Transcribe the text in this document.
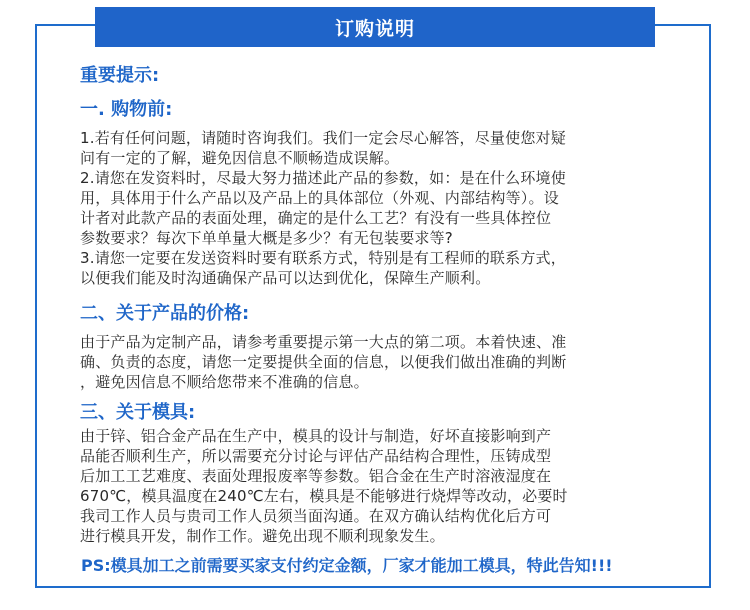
订购说明

重要提示:

一. 购物前:

1.若有任何问题，请随时咨询我们。我们一定会尽心解答，尽量使您对疑
问有一定的了解，避免因信息不顺畅造成误解。
2.请您在发资料时，尽最大努力描述此产品的参数，如：是在什么环境使
用，具体用于什么产品以及产品上的具体部位（外观、内部结构等）。设
计者对此款产品的表面处理，确定的是什么工艺？有没有一些具体控位
参数要求？每次下单单量大概是多少？有无包装要求等?
3.请您一定要在发送资料时要有联系方式，特别是有工程师的联系方式，
以便我们能及时沟通确保产品可以达到优化，保障生产顺利。

二、关于产品的价格:

由于产品为定制产品，请参考重要提示第一大点的第二项。本着快速、准
确、负责的态度，请您一定要提供全面的信息，以便我们做出准确的判断
，避免因信息不顺给您带来不准确的信息。

三、关于模具:

由于锌、铝合金产品在生产中，模具的设计与制造，好坏直接影响到产
品能否顺利生产，所以需要充分讨论与评估产品结构合理性，压铸成型
后加工工艺难度、表面处理报废率等参数。铝合金在生产时溶液湿度在
670℃，模具温度在240℃左右，模具是不能够进行烧焊等改动，必要时
我司工作人员与贵司工作人员须当面沟通。在双方确认结构优化后方可
进行模具开发，制作工作。避免出现不顺利现象发生。
PS:模具加工之前需要买家支付约定金额，厂家才能加工模具，特此告知!!!
